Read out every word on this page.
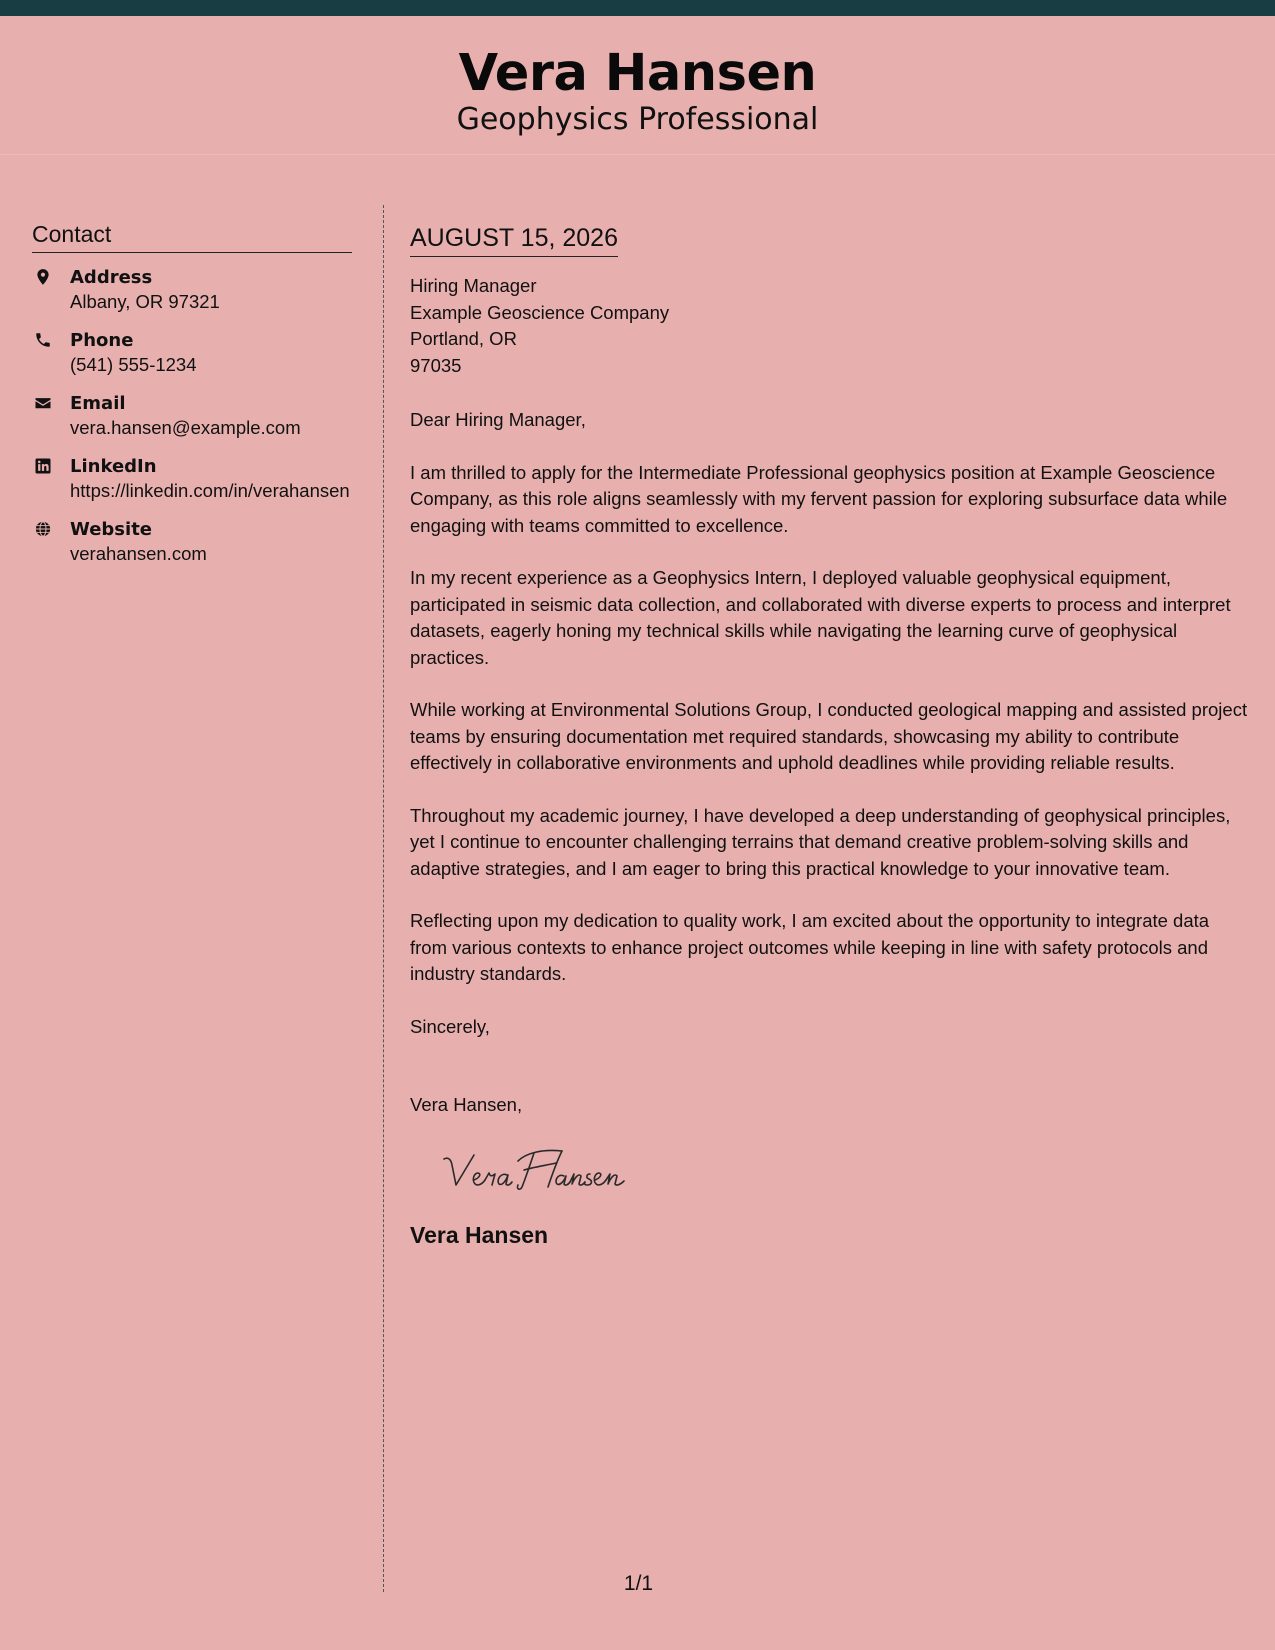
Vera Hansen
Geophysics Professional
Contact
Address
Albany, OR 97321
Phone
(541) 555-1234
Email
vera.hansen@example.com
LinkedIn
https://linkedin.com/in/verahansen
Website
verahansen.com
AUGUST 15, 2026
Hiring Manager
Example Geoscience Company
Portland, OR
97035

Dear Hiring Manager,

I am thrilled to apply for the Intermediate Professional geophysics position at Example Geoscience Company, as this role aligns seamlessly with my fervent passion for exploring subsurface data while engaging with teams committed to excellence.

In my recent experience as a Geophysics Intern, I deployed valuable geophysical equipment, participated in seismic data collection, and collaborated with diverse experts to process and interpret datasets, eagerly honing my technical skills while navigating the learning curve of geophysical practices.

While working at Environmental Solutions Group, I conducted geological mapping and assisted project teams by ensuring documentation met required standards, showcasing my ability to contribute effectively in collaborative environments and uphold deadlines while providing reliable results.

Throughout my academic journey, I have developed a deep understanding of geophysical principles, yet I continue to encounter challenging terrains that demand creative problem-solving skills and adaptive strategies, and I am eager to bring this practical knowledge to your innovative team.

Reflecting upon my dedication to quality work, I am excited about the opportunity to integrate data from various contexts to enhance project outcomes while keeping in line with safety protocols and industry standards.

Sincerely,

Vera Hansen,

Vera Hansen
1/1
